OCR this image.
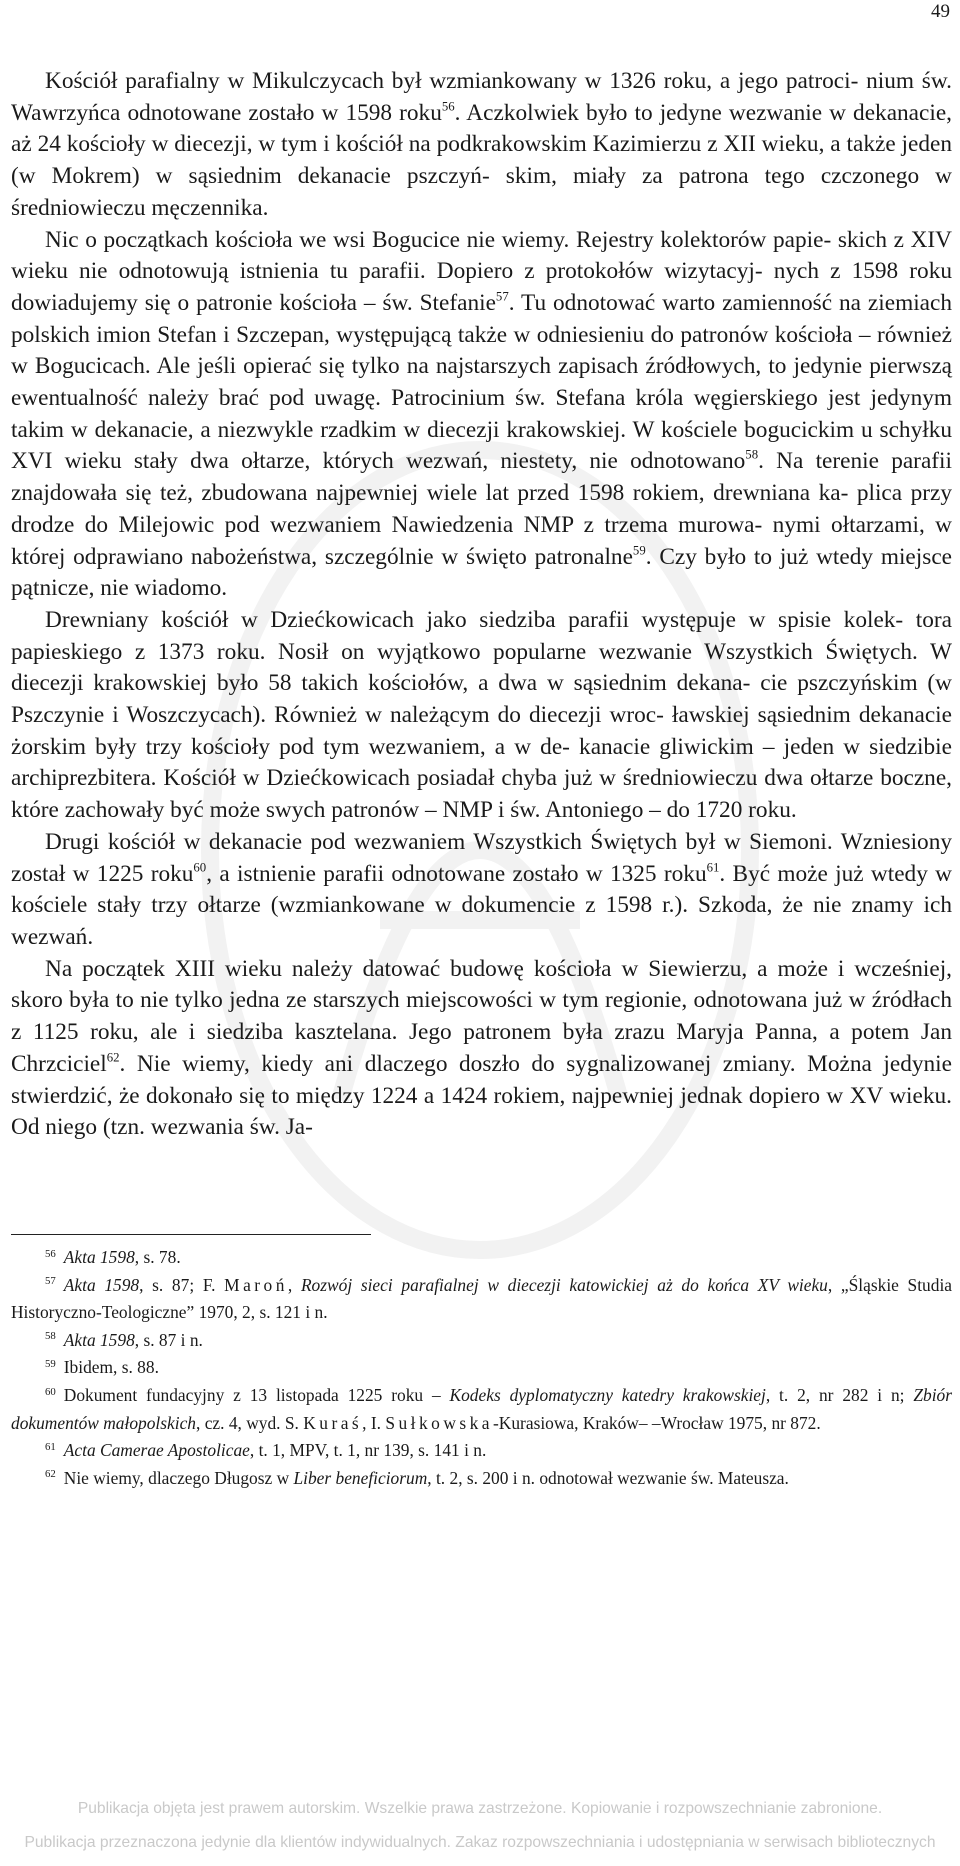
49

Kościół parafialny w Mikulczycach był wzmiankowany w 1326 roku, a jego patroci- nium św. Wawrzyńca odnotowane zostało w 1598 roku$^{56}$. Aczkolwiek było to jedyne wezwanie w dekanacie, aż 24 kościoły w diecezji, w tym i kościół na podkrakowskim Kazimierzu z XII wieku, a także jeden (w Mokrem) w sąsiednim dekanacie pszczyń- skim, miały za patrona tego czczonego w średniowieczu męczennika.

Nic o początkach kościoła we wsi Bogucice nie wiemy. Rejestry kolektorów papie- skich z XIV wieku nie odnotowują istnienia tu parafii. Dopiero z protokołów wizytacyj- nych z 1598 roku dowiadujemy się o patronie kościoła – św. Stefanie$^{57}$. Tu odnotować warto zamienność na ziemiach polskich imion Stefan i Szczepan, występującą także w odniesieniu do patronów kościoła – również w Bogucicach. Ale jeśli opierać się tylko na najstarszych zapisach źródłowych, to jedynie pierwszą ewentualność należy brać pod uwagę. Patrocinium św. Stefana króla węgierskiego jest jedynym takim w dekanacie, a niezwykle rzadkim w diecezji krakowskiej. W kościele bogucickim u schyłku XVI wieku stały dwa ołtarze, których wezwań, niestety, nie odnotowano$^{58}$. Na terenie parafii znajdowała się też, zbudowana najpewniej wiele lat przed 1598 rokiem, drewniana ka- plica przy drodze do Milejowic pod wezwaniem Nawiedzenia NMP z trzema murowa- nymi ołtarzami, w której odprawiano nabożeństwa, szczególnie w święto patronalne$^{59}$. Czy było to już wtedy miejsce pątnicze, nie wiadomo.

Drewniany kościół w Dziećkowicach jako siedziba parafii występuje w spisie kolek- tora papieskiego z 1373 roku. Nosił on wyjątkowo popularne wezwanie Wszystkich Świętych. W diecezji krakowskiej było 58 takich kościołów, a dwa w sąsiednim dekana- cie pszczyńskim (w Pszczynie i Woszczycach). Również w należącym do diecezji wroc- ławskiej sąsiednim dekanacie żorskim były trzy kościoły pod tym wezwaniem, a w de- kanacie gliwickim – jeden w siedzibie archiprezbitera. Kościół w Dziećkowicach posiadał chyba już w średniowieczu dwa ołtarze boczne, które zachowały być może swych patronów – NMP i św. Antoniego – do 1720 roku.

Drugi kościół w dekanacie pod wezwaniem Wszystkich Świętych był w Siemoni. Wzniesiony został w 1225 roku$^{60}$, a istnienie parafii odnotowane zostało w 1325 roku$^{61}$. Być może już wtedy w kościele stały trzy ołtarze (wzmiankowane w dokumencie z 1598 r.). Szkoda, że nie znamy ich wezwań.

Na początek XIII wieku należy datować budowę kościoła w Siewierzu, a może i wcześniej, skoro była to nie tylko jedna ze starszych miejscowości w tym regionie, odnotowana już w źródłach z 1125 roku, ale i siedziba kasztelana. Jego patronem była zrazu Maryja Panna, a potem Jan Chrzciciel$^{62}$. Nie wiemy, kiedy ani dlaczego doszło do sygnalizowanej zmiany. Można jedynie stwierdzić, że dokonało się to między 1224 a 1424 rokiem, najpewniej jednak dopiero w XV wieku. Od niego (tzn. wezwania św. Ja-

$^{56}$ Akta 1598, s. 78.

$^{57}$ Akta 1598, s. 87; F. Maroń, Rozwój sieci parafialnej w diecezji katowickiej aż do końca XV wieku, „Śląskie Studia Historyczno-Teologiczne” 1970, 2, s. 121 i n.

$^{58}$ Akta 1598, s. 87 i n.

$^{59}$ Ibidem, s. 88.

$^{60}$ Dokument fundacyjny z 13 listopada 1225 roku – Kodeks dyplomatyczny katedry krakowskiej, t. 2, nr 282 i n; Zbiór dokumentów małopolskich, cz. 4, wyd. S. Kuraś, I. Sułkowska-Kurasiowa, Kraków– –Wrocław 1975, nr 872.

$^{61}$ Acta Camerae Apostolicae, t. 1, MPV, t. 1, nr 139, s. 141 i n.

$^{62}$ Nie wiemy, dlaczego Długosz w Liber beneficiorum, t. 2, s. 200 i n. odnotował wezwanie św. Mateusza.

Publikacja objęta jest prawem autorskim. Wszelkie prawa zastrzeżone. Kopiowanie i rozpowszechnianie zabronione.
Publikacja przeznaczona jedynie dla klientów indywidualnych. Zakaz rozpowszechniania i udostępniania w serwisach bibliotecznych
